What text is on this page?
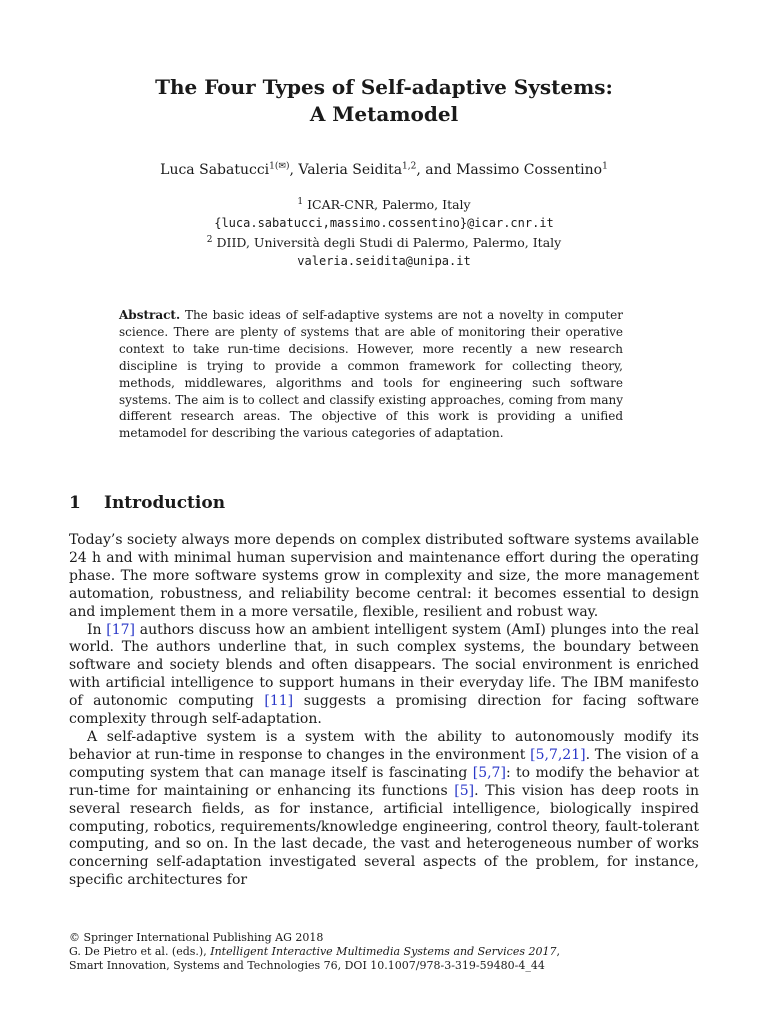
The Four Types of Self-adaptive Systems:
A Metamodel
Luca Sabatucci$^{1(✉)}$, Valeria Seidita$^{1,2}$, and Massimo Cossentino$^1$
$^1$ ICAR-CNR, Palermo, Italy
{luca.sabatucci,massimo.cossentino}@icar.cnr.it
$^2$ DIID, Università degli Studi di Palermo, Palermo, Italy
valeria.seidita@unipa.it
Abstract. The basic ideas of self-adaptive systems are not a novelty in computer science. There are plenty of systems that are able of monitoring their operative context to take run-time decisions. However, more recently a new research discipline is trying to provide a common framework for collecting theory, methods, middlewares, algorithms and tools for engineering such software systems. The aim is to collect and classify existing approaches, coming from many different research areas. The objective of this work is providing a unified metamodel for describing the various categories of adaptation.
1 Introduction

Today’s society always more depends on complex distributed software systems available 24 h and with minimal human supervision and maintenance effort during the operating phase. The more software systems grow in complexity and size, the more management automation, robustness, and reliability become central: it becomes essential to design and implement them in a more versatile, flexible, resilient and robust way.

In [17] authors discuss how an ambient intelligent system (AmI) plunges into the real world. The authors underline that, in such complex systems, the boundary between software and society blends and often disappears. The social environment is enriched with artificial intelligence to support humans in their everyday life. The IBM manifesto of autonomic computing [11] suggests a promising direction for facing software complexity through self-adaptation.

A self-adaptive system is a system with the ability to autonomously modify its behavior at run-time in response to changes in the environment [5,7,21]. The vision of a computing system that can manage itself is fascinating [5,7]: to modify the behavior at run-time for maintaining or enhancing its functions [5]. This vision has deep roots in several research fields, as for instance, artificial intelligence, biologically inspired computing, robotics, requirements/knowledge engineering, control theory, fault-tolerant computing, and so on. In the last decade, the vast and heterogeneous number of works concerning self-adaptation investigated several aspects of the problem, for instance, specific architectures for

© Springer International Publishing AG 2018
G. De Pietro et al. (eds.), Intelligent Interactive Multimedia Systems and Services 2017,
Smart Innovation, Systems and Technologies 76, DOI 10.1007/978-3-319-59480-4_44
